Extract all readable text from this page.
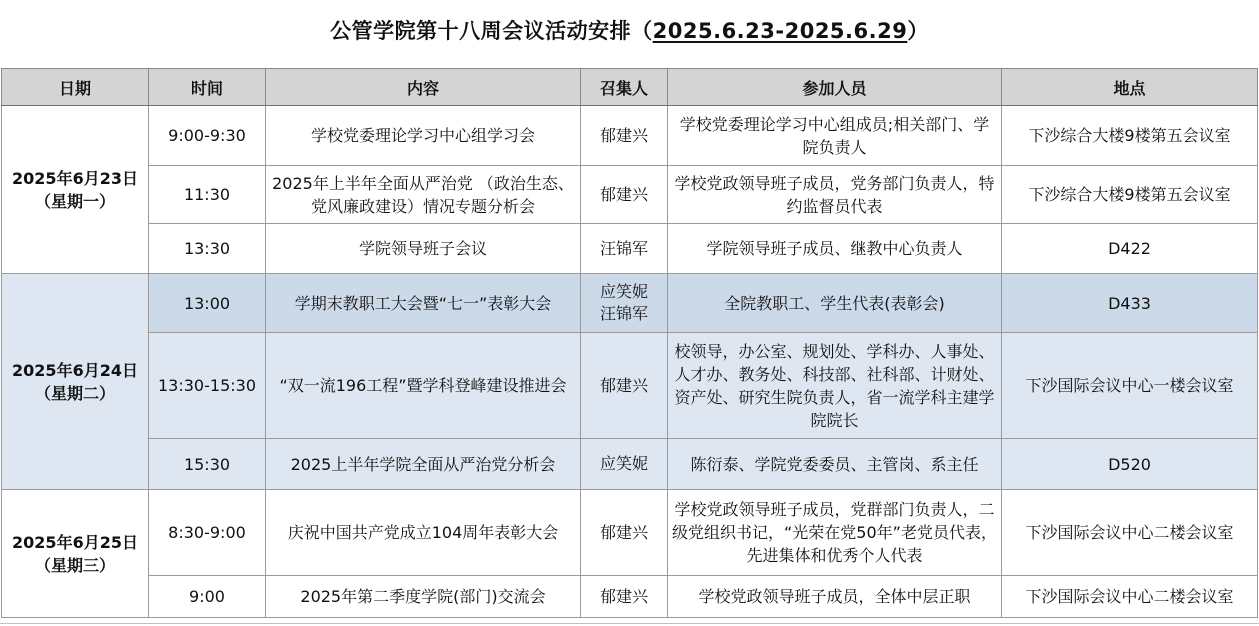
公管学院第十八周会议活动安排（2025.6.23-2025.6.29）
日期	时间	内容	召集人	参加人员	地点

2025年6月23日
（星期一）	9:00-9:30	学校党委理论学习中心组学习会	郁建兴	学校党委理论学习中心组成员;相关部门、学院负责人	下沙综合大楼9楼第五会议室
	11:30	2025年上半年全面从严治党 （政治生态、党风廉政建设）情况专题分析会	郁建兴	学校党政领导班子成员，党务部门负责人，特约监督员代表	下沙综合大楼9楼第五会议室
	13:30	学院领导班子会议	汪锦军	学院领导班子成员、继教中心负责人	D422

2025年6月24日
（星期二）	13:00	学期末教职工大会暨“七一”表彰大会	应笑妮
汪锦军	全院教职工、学生代表(表彰会)	D433
	13:30-15:30	“双一流196工程”暨学科登峰建设推进会	郁建兴	校领导，办公室、规划处、学科办、人事处、人才办、教务处、科技部、社科部、计财处、资产处、研究生院负责人，省一流学科主建学院院长	下沙国际会议中心一楼会议室
	15:30	2025上半年学院全面从严治党分析会	应笑妮	陈衍泰、学院党委委员、主管岗、系主任	D520

2025年6月25日
（星期三）	8:30-9:00	庆祝中国共产党成立104周年表彰大会	郁建兴	学校党政领导班子成员，党群部门负责人，二级党组织书记，“光荣在党50年”老党员代表，先进集体和优秀个人代表	下沙国际会议中心二楼会议室
	9:00	2025年第二季度学院(部门)交流会	郁建兴	学校党政领导班子成员，全体中层正职	下沙国际会议中心二楼会议室
